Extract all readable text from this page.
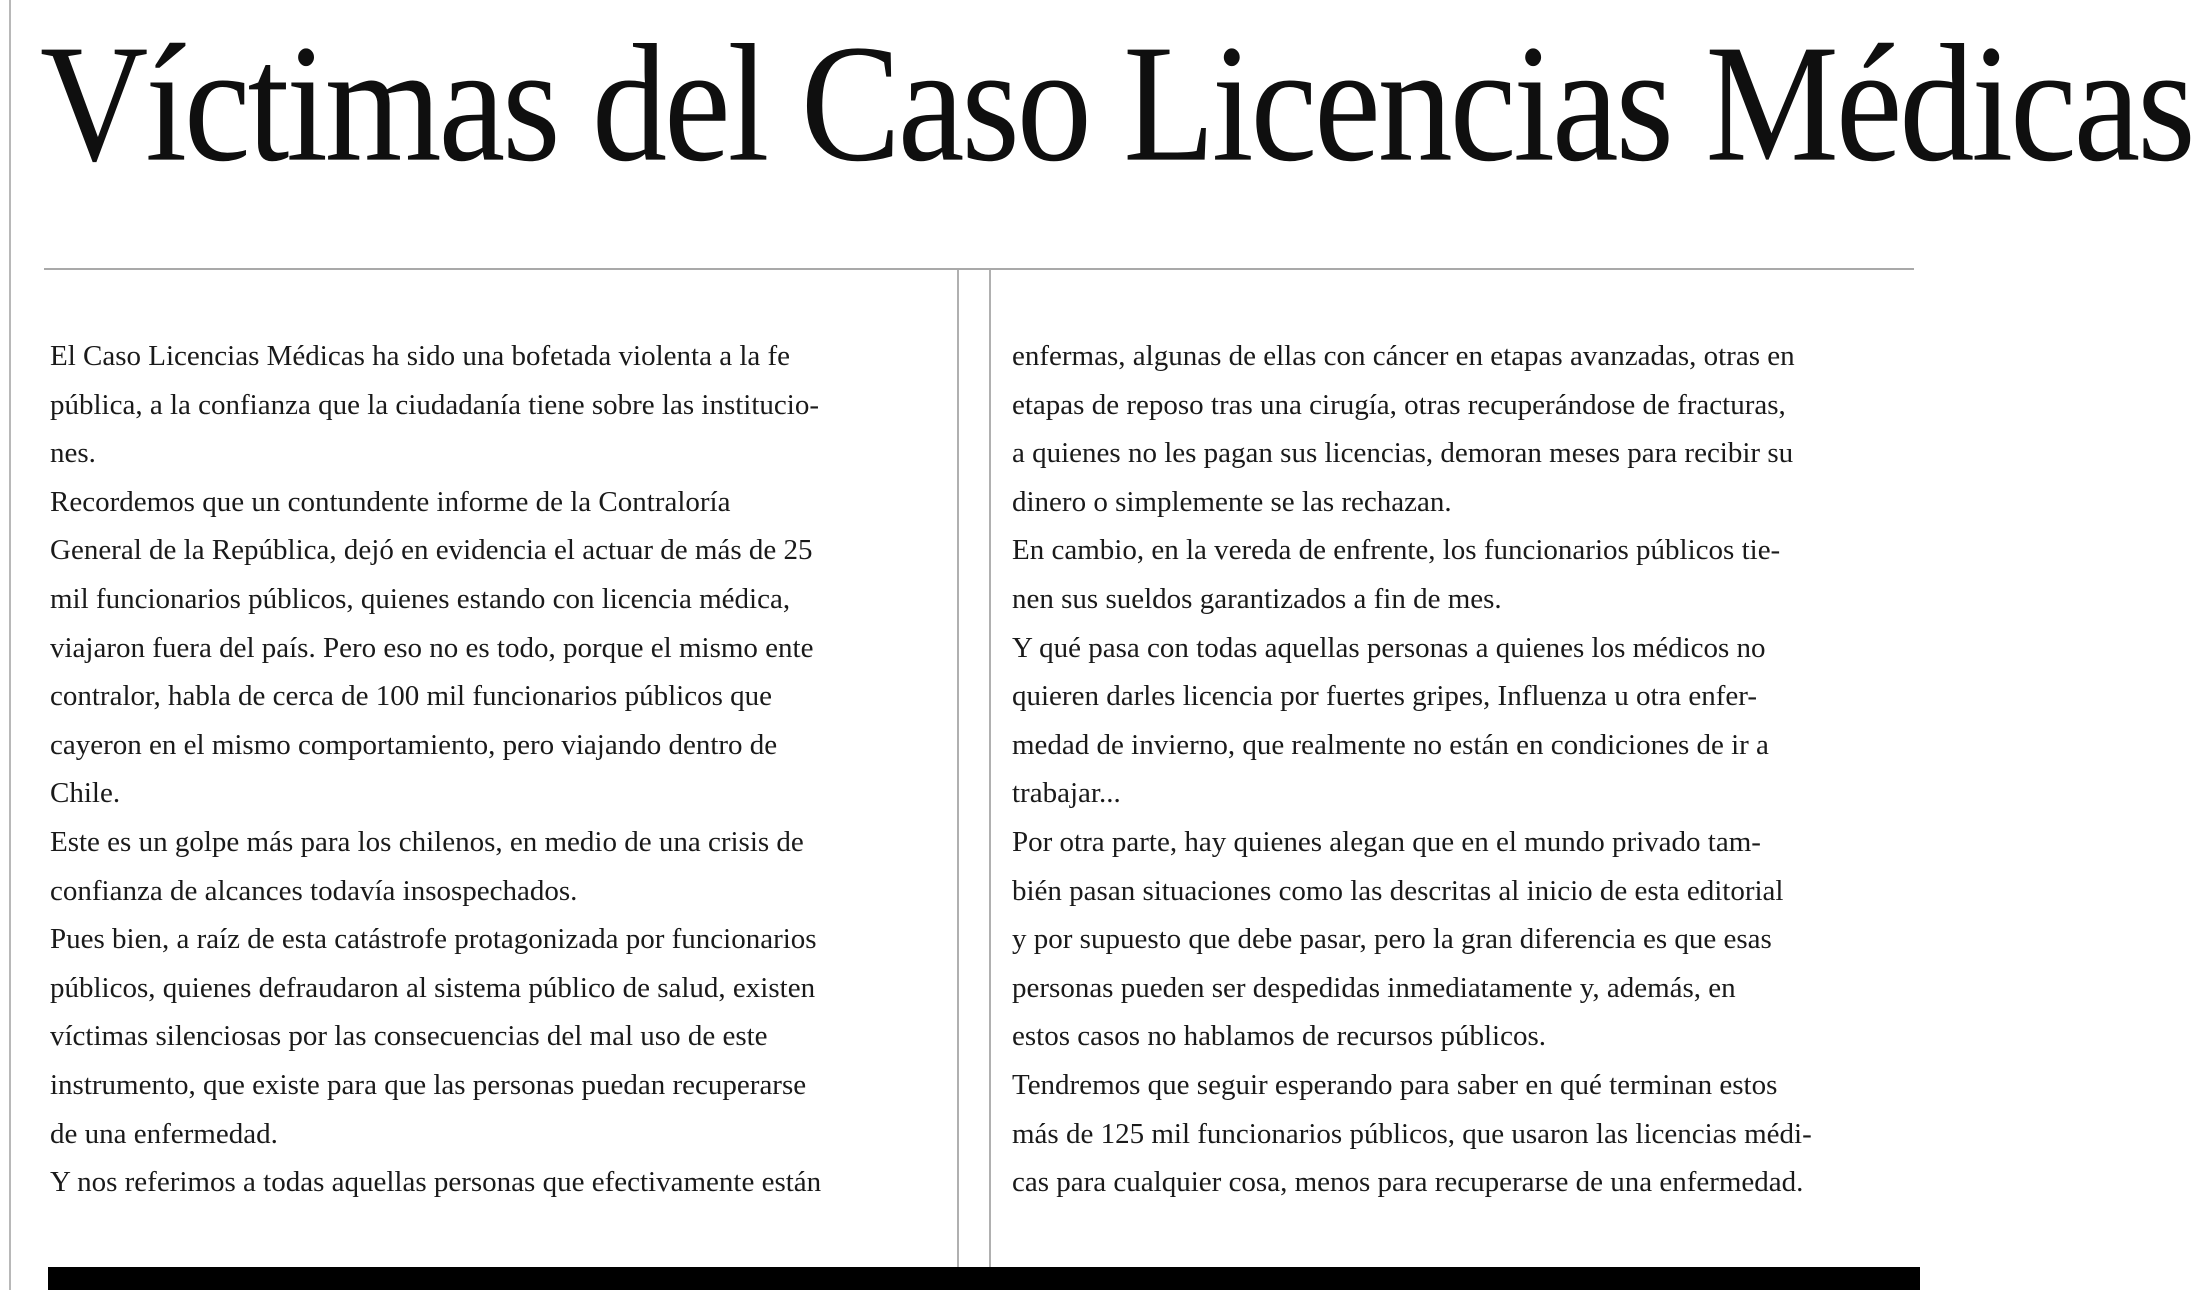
Víctimas del Caso Licencias Médicas

El Caso Licencias Médicas ha sido una bofetada violenta a la fe

pública, a la confianza que la ciudadanía tiene sobre las institucio-

nes.

Recordemos que un contundente informe de la Contraloría

General de la República, dejó en evidencia el actuar de más de 25

mil funcionarios públicos, quienes estando con licencia médica,

viajaron fuera del país. Pero eso no es todo, porque el mismo ente

contralor, habla de cerca de 100 mil funcionarios públicos que

cayeron en el mismo comportamiento, pero viajando dentro de

Chile.

Este es un golpe más para los chilenos, en medio de una crisis de

confianza de alcances todavía insospechados.

Pues bien, a raíz de esta catástrofe protagonizada por funcionarios

públicos, quienes defraudaron al sistema público de salud, existen

víctimas silenciosas por las consecuencias del mal uso de este

instrumento, que existe para que las personas puedan recuperarse

de una enfermedad.

Y nos referimos a todas aquellas personas que efectivamente están

enfermas, algunas de ellas con cáncer en etapas avanzadas, otras en

etapas de reposo tras una cirugía, otras recuperándose de fracturas,

a quienes no les pagan sus licencias, demoran meses para recibir su

dinero o simplemente se las rechazan.

En cambio, en la vereda de enfrente, los funcionarios públicos tie-

nen sus sueldos garantizados a fin de mes.

Y qué pasa con todas aquellas personas a quienes los médicos no

quieren darles licencia por fuertes gripes, Influenza u otra enfer-

medad de invierno, que realmente no están en condiciones de ir a

trabajar...

Por otra parte, hay quienes alegan que en el mundo privado tam-

bién pasan situaciones como las descritas al inicio de esta editorial

y por supuesto que debe pasar, pero la gran diferencia es que esas

personas pueden ser despedidas inmediatamente y, además, en

estos casos no hablamos de recursos públicos.

Tendremos que seguir esperando para saber en qué terminan estos

más de 125 mil funcionarios públicos, que usaron las licencias médi-

cas para cualquier cosa, menos para recuperarse de una enfermedad.
